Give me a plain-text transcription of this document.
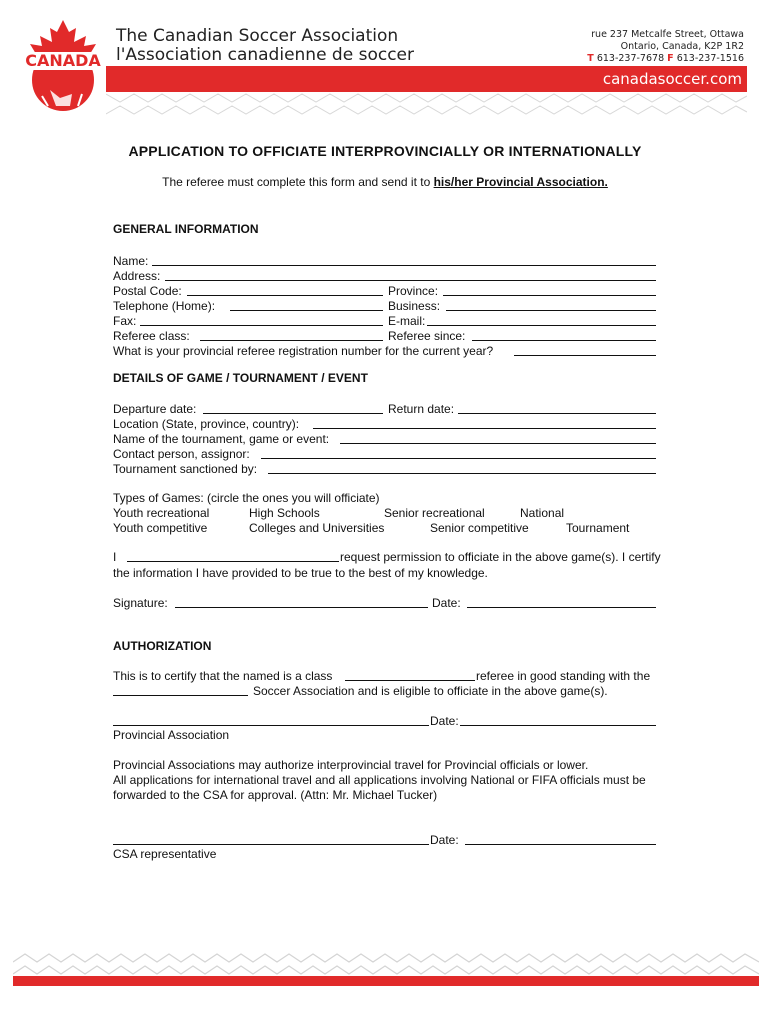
CANADA
The Canadian Soccer Association
l'Association canadienne de soccer
rue 237 Metcalfe Street, Ottawa
Ontario, Canada, K2P 1R2
T 613-237-7678 F 613-237-1516
canadasoccer.com
APPLICATION TO OFFICIATE INTERPROVINCIALLY OR INTERNATIONALLY
The referee must complete this form and send it to his/her Provincial Association.
GENERAL INFORMATION
Name:
Address:
Postal Code:	Province:
Telephone (Home):	Business:
Fax:	E-mail:
Referee class:	Referee since:
What is your provincial referee registration number for the current year?
DETAILS OF GAME / TOURNAMENT / EVENT
Departure date:	Return date:
Location (State, province, country):
Name of the tournament, game or event:
Contact person, assignor:
Tournament sanctioned by:
Types of Games: (circle the ones you will officiate)
Youth recreational	High Schools	Senior recreational	National
Youth competitive	Colleges and Universities	Senior competitive	Tournament
I	request permission to officiate in the above game(s). I certify
the information I have provided to be true to the best of my knowledge.
Signature:	Date:
AUTHORIZATION
This is to certify that the named is a class	referee in good standing with the
Soccer Association and is eligible to officiate in the above game(s).
Date:
Provincial Association
Provincial Associations may authorize interprovincial travel for Provincial officials or lower.
All applications for international travel and all applications involving National or FIFA officials must be
forwarded to the CSA for approval. (Attn: Mr. Michael Tucker)
Date:
CSA representative
